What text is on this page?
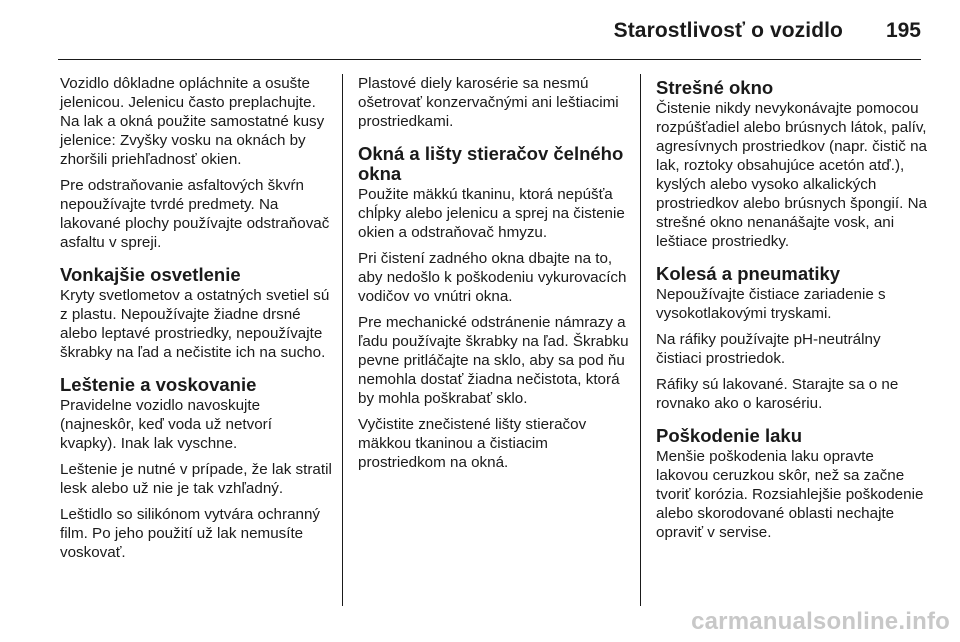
Starostlivosť o vozidlo 195

Vozidlo dôkladne opláchnite a osušte jelenicou. Jelenicu často preplachujte. Na lak a okná použite samostatné kusy jelenice: Zvyšky vosku na oknách by zhoršili priehľadnosť okien.

Pre odstraňovanie asfaltových škvŕn nepoužívajte tvrdé predmety. Na lakované plochy používajte odstraňovač asfaltu v spreji.

Vonkajšie osvetlenie

Kryty svetlometov a ostatných svetiel sú z plastu. Nepoužívajte žiadne drsné alebo leptavé prostriedky, nepoužívajte škrabky na ľad a nečistite ich na sucho.

Leštenie a voskovanie

Pravidelne vozidlo navoskujte (najneskôr, keď voda už netvorí kvapky). Inak lak vyschne.

Leštenie je nutné v prípade, že lak stratil lesk alebo už nie je tak vzhľadný.

Leštidlo so silikónom vytvára ochranný film. Po jeho použití už lak nemusíte voskovať.

Plastové diely karosérie sa nesmú ošetrovať konzervačnými ani leštiacimi prostriedkami.

Okná a lišty stieračov čelného okna

Použite mäkkú tkaninu, ktorá nepúšťa chĺpky alebo jelenicu a sprej na čistenie okien a odstraňovač hmyzu.

Pri čistení zadného okna dbajte na to, aby nedošlo k poškodeniu vykurovacích vodičov vo vnútri okna.

Pre mechanické odstránenie námrazy a ľadu používajte škrabky na ľad. Škrabku pevne pritláčajte na sklo, aby sa pod ňu nemohla dostať žiadna nečistota, ktorá by mohla poškrabať sklo.

Vyčistite znečistené lišty stieračov mäkkou tkaninou a čistiacim prostriedkom na okná.

Strešné okno

Čistenie nikdy nevykonávajte pomocou rozpúšťadiel alebo brúsnych látok, palív, agresívnych prostriedkov (napr. čistič na lak, roztoky obsahujúce acetón atď.), kyslých alebo vysoko alkalických prostriedkov alebo brúsnych špongií. Na strešné okno nenanášajte vosk, ani leštiace prostriedky.

Kolesá a pneumatiky

Nepoužívajte čistiace zariadenie s vysokotlakovými tryskami.

Na ráfiky používajte pH-neutrálny čistiaci prostriedok.

Ráfiky sú lakované. Starajte sa o ne rovnako ako o karosériu.

Poškodenie laku

Menšie poškodenia laku opravte lakovou ceruzkou skôr, než sa začne tvoriť korózia. Rozsiahlejšie poškodenie alebo skorodované oblasti nechajte opraviť v servise.

carmanualsonline.info
